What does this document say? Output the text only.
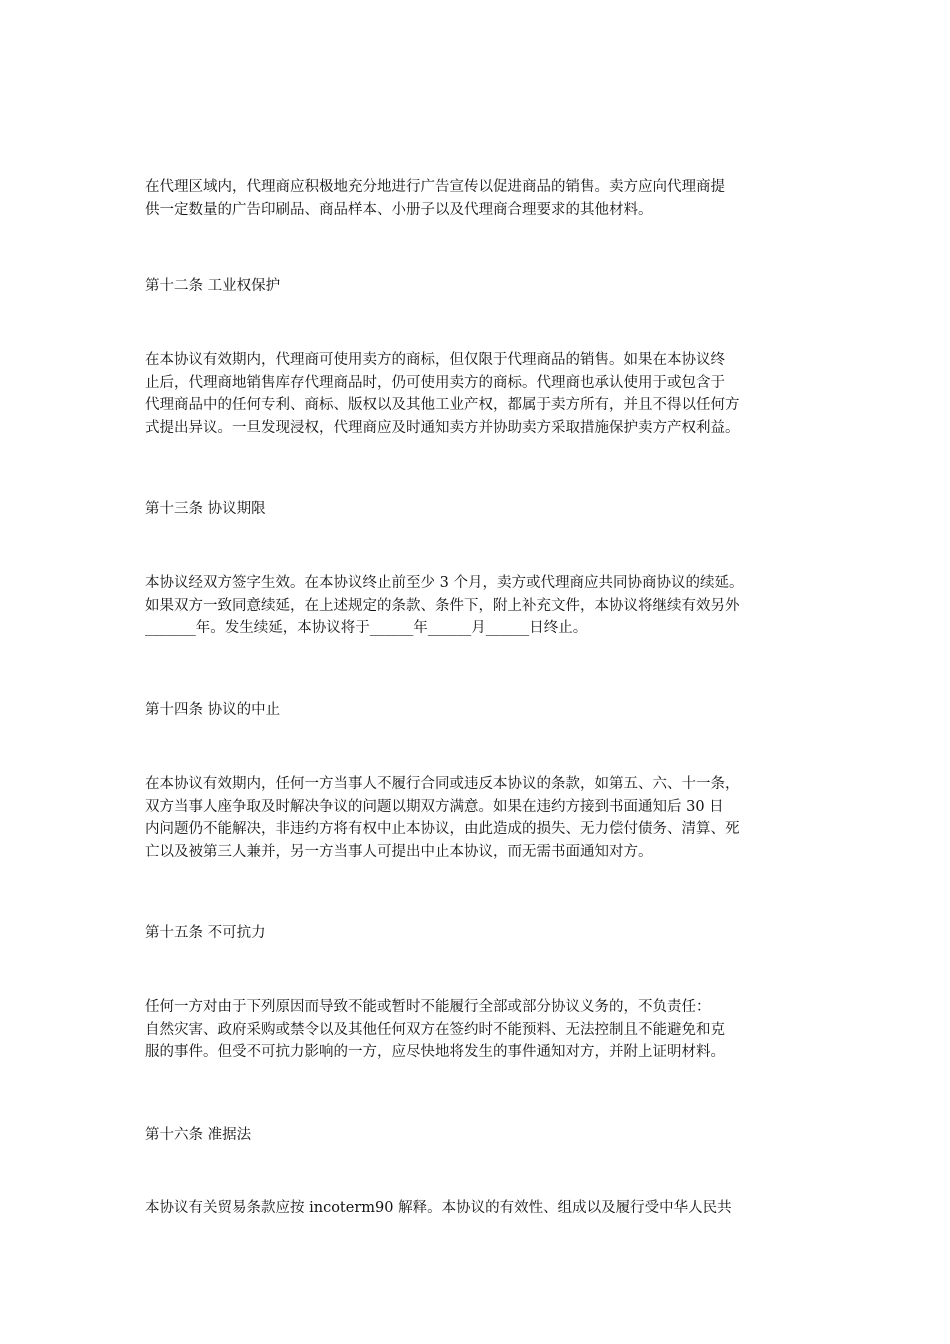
在代理区域内，代理商应积极地充分地进行广告宣传以促进商品的销售。卖方应向代理商提
供一定数量的广告印刷品、商品样本、小册子以及代理商合理要求的其他材料。

第十二条 工业权保护

在本协议有效期内，代理商可使用卖方的商标，但仅限于代理商品的销售。如果在本协议终
止后，代理商地销售库存代理商品时，仍可使用卖方的商标。代理商也承认使用于或包含于
代理商品中的任何专利、商标、版权以及其他工业产权，都属于卖方所有，并且不得以任何方
式提出异议。一旦发现浸权，代理商应及时通知卖方并协助卖方采取措施保护卖方产权利益。

第十三条 协议期限

本协议经双方签字生效。在本协议终止前至少 3 个月，卖方或代理商应共同协商协议的续延。
如果双方一致同意续延，在上述规定的条款、条件下，附上补充文件，本协议将继续有效另外
_______年。发生续延，本协议将于______年______月______日终止。

第十四条 协议的中止

在本协议有效期内，任何一方当事人不履行合同或违反本协议的条款，如第五、六、十一条，
双方当事人座争取及时解决争议的问题以期双方满意。如果在违约方接到书面通知后 30 日
内问题仍不能解决，非违约方将有权中止本协议，由此造成的损失、无力偿付债务、清算、死
亡以及被第三人兼并，另一方当事人可提出中止本协议，而无需书面通知对方。

第十五条 不可抗力

任何一方对由于下列原因而导致不能或暂时不能履行全部或部分协议义务的，不负责任：
自然灾害、政府采购或禁令以及其他任何双方在签约时不能预料、无法控制且不能避免和克
服的事件。但受不可抗力影响的一方，应尽快地将发生的事件通知对方，并附上证明材料。

第十六条 准据法

本协议有关贸易条款应按 incoterm90 解释。本协议的有效性、组成以及履行受中华人民共
